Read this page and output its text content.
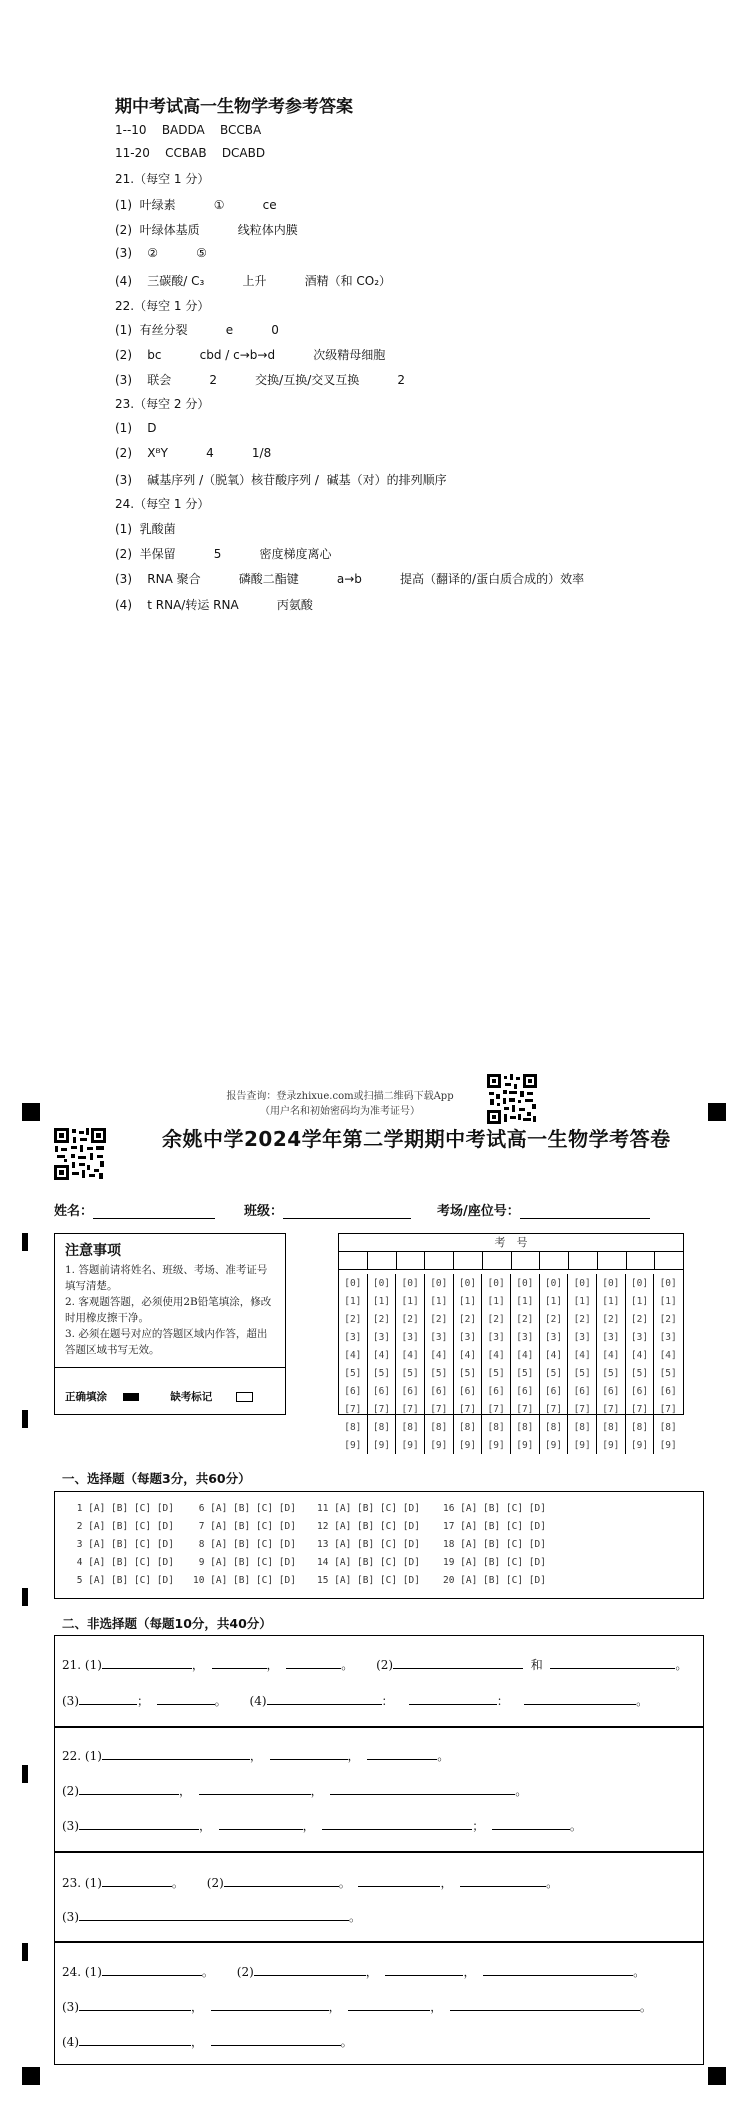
期中考试高一生物学考参考答案
1--10    BADDA    BCCBA
11-20    CCBAB    DCABD
21.（每空 1 分）
(1)  叶绿素          ①          ce
(2)  叶绿体基质          线粒体内膜
(3)    ②          ⑤
(4)    三碳酸/ C₃          上升          酒精（和 CO₂）
22.（每空 1 分）
(1)  有丝分裂          e          0
(2)    bc          cbd / c→b→d          次级精母细胞
(3)    联会          2          交换/互换/交叉互换          2
23.（每空 2 分）
(1)    D
(2)    XᴮY          4          1/8
(3)    碱基序列 /（脱氧）核苷酸序列 /  碱基（对）的排列顺序
24.（每空 1 分）
(1)  乳酸菌
(2)  半保留          5          密度梯度离心
(3)    RNA 聚合          磷酸二酯键          a→b          提高（翻译的/蛋白质合成的）效率
(4)    t RNA/转运 RNA          丙氨酸
报告查询：登录zhixue.com或扫描二维码下载App
（用户名和初始密码均为准考证号）
余姚中学2024学年第二学期期中考试高一生物学考答卷
姓名：	班级：	考场/座位号：
注意事项
1. 答题前请将姓名、班级、考场、准考证号填写清楚。
2. 客观题答题，必须使用2B铅笔填涂，修改时用橡皮擦干净。
3. 必须在题号对应的答题区域内作答，超出答题区域书写无效。
正确填涂	缺考标记
考　号
[0]	[0]	[0]	[0]	[0]	[0]	[0]	[0]	[0]	[0]	[0]	[0]
[1]	[1]	[1]	[1]	[1]	[1]	[1]	[1]	[1]	[1]	[1]	[1]
[2]	[2]	[2]	[2]	[2]	[2]	[2]	[2]	[2]	[2]	[2]	[2]
[3]	[3]	[3]	[3]	[3]	[3]	[3]	[3]	[3]	[3]	[3]	[3]
[4]	[4]	[4]	[4]	[4]	[4]	[4]	[4]	[4]	[4]	[4]	[4]
[5]	[5]	[5]	[5]	[5]	[5]	[5]	[5]	[5]	[5]	[5]	[5]
[6]	[6]	[6]	[6]	[6]	[6]	[6]	[6]	[6]	[6]	[6]	[6]
[7]	[7]	[7]	[7]	[7]	[7]	[7]	[7]	[7]	[7]	[7]	[7]
[8]	[8]	[8]	[8]	[8]	[8]	[8]	[8]	[8]	[8]	[8]	[8]
[9]	[9]	[9]	[9]	[9]	[9]	[9]	[9]	[9]	[9]	[9]	[9]
一、选择题（每题3分，共60分）
1 [A] [B] [C] [D]
2 [A] [B] [C] [D]
3 [A] [B] [C] [D]
4 [A] [B] [C] [D]
5 [A] [B] [C] [D]
6 [A] [B] [C] [D]
7 [A] [B] [C] [D]
8 [A] [B] [C] [D]
9 [A] [B] [C] [D]
10 [A] [B] [C] [D]
11 [A] [B] [C] [D]
12 [A] [B] [C] [D]
13 [A] [B] [C] [D]
14 [A] [B] [C] [D]
15 [A] [B] [C] [D]
16 [A] [B] [C] [D]
17 [A] [B] [C] [D]
18 [A] [B] [C] [D]
19 [A] [B] [C] [D]
20 [A] [B] [C] [D]
二、非选择题（每题10分，共40分）
21. (1)	，	，	。      (2)	和	。
(3)	；	。      (4)	：	：	。
22. (1)	，	，	。
(2)	，	，	。
(3)	，	，	；	。
23. (1)	。      (2)	。	，	。
(3)	。
24. (1)	。      (2)	，	，	。
(3)	，	，	，	。
(4)	，	。
